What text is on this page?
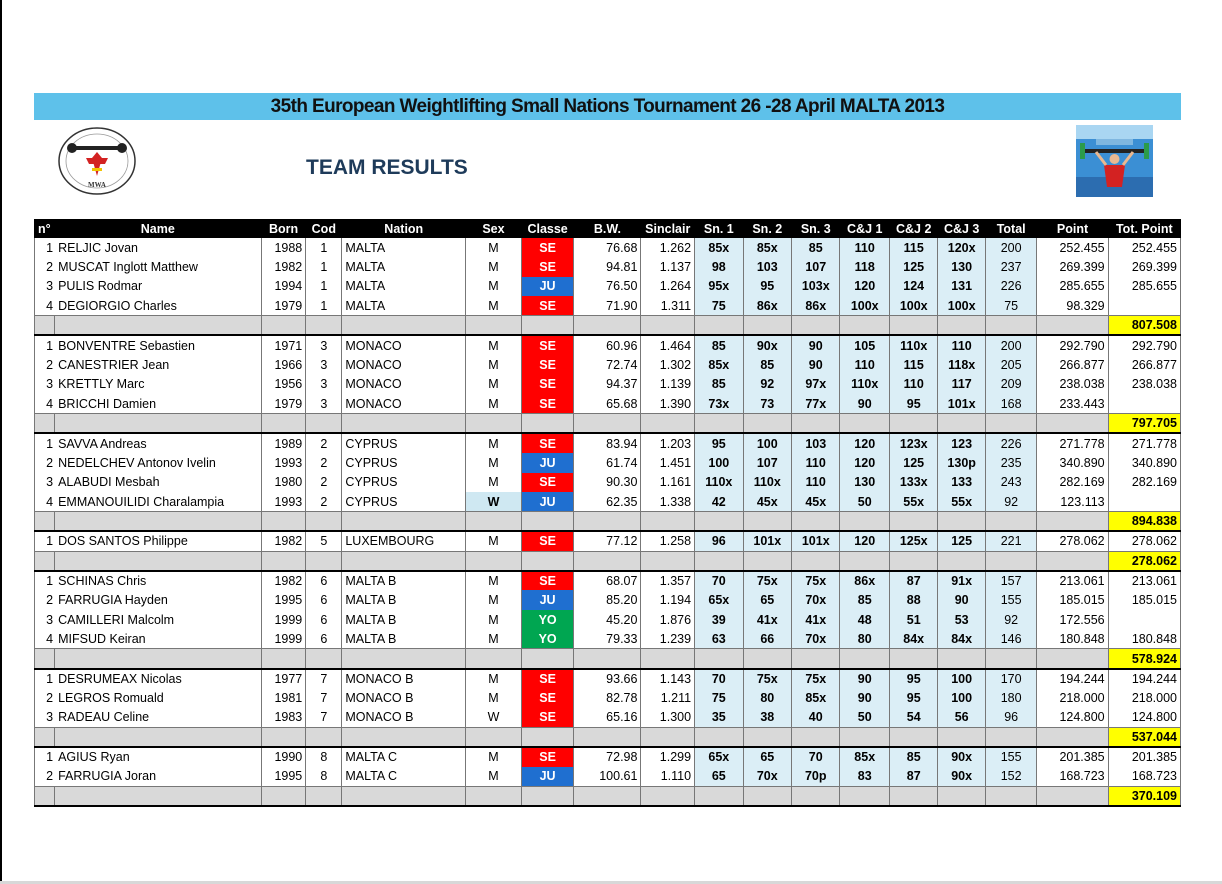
35th European Weightlifting Small Nations Tournament 26 -28 April MALTA 2013
MWA
TEAM RESULTS
n°	Name	Born	Cod	Nation	Sex	Classe	B.W.	Sinclair	Sn. 1	Sn. 2	Sn. 3	C&J 1	C&J 2	C&J 3	Total	Point	Tot. Point
1	RELJIC Jovan	1988	1	MALTA	M	SE	76.68	1.262	85x	85x	85	110	115	120x	200	252.455	252.455
2	MUSCAT Inglott Matthew	1982	1	MALTA	M	SE	94.81	1.137	98	103	107	118	125	130	237	269.399	269.399
3	PULIS Rodmar	1994	1	MALTA	M	JU	76.50	1.264	95x	95	103x	120	124	131	226	285.655	285.655
4	DEGIORGIO Charles	1979	1	MALTA	M	SE	71.90	1.311	75	86x	86x	100x	100x	100x	75	98.329	
																	807.508
1	BONVENTRE Sebastien	1971	3	MONACO	M	SE	60.96	1.464	85	90x	90	105	110x	110	200	292.790	292.790
2	CANESTRIER Jean	1966	3	MONACO	M	SE	72.74	1.302	85x	85	90	110	115	118x	205	266.877	266.877
3	KRETTLY Marc	1956	3	MONACO	M	SE	94.37	1.139	85	92	97x	110x	110	117	209	238.038	238.038
4	BRICCHI Damien	1979	3	MONACO	M	SE	65.68	1.390	73x	73	77x	90	95	101x	168	233.443	
																	797.705
1	SAVVA Andreas	1989	2	CYPRUS	M	SE	83.94	1.203	95	100	103	120	123x	123	226	271.778	271.778
2	NEDELCHEV Antonov Ivelin	1993	2	CYPRUS	M	JU	61.74	1.451	100	107	110	120	125	130p	235	340.890	340.890
3	ALABUDI Mesbah	1980	2	CYPRUS	M	SE	90.30	1.161	110x	110x	110	130	133x	133	243	282.169	282.169
4	EMMANOUILIDI Charalampia	1993	2	CYPRUS	W	JU	62.35	1.338	42	45x	45x	50	55x	55x	92	123.113	
																	894.838
1	DOS SANTOS Philippe	1982	5	LUXEMBOURG	M	SE	77.12	1.258	96	101x	101x	120	125x	125	221	278.062	278.062
																	278.062
1	SCHINAS Chris	1982	6	MALTA B	M	SE	68.07	1.357	70	75x	75x	86x	87	91x	157	213.061	213.061
2	FARRUGIA Hayden	1995	6	MALTA B	M	JU	85.20	1.194	65x	65	70x	85	88	90	155	185.015	185.015
3	CAMILLERI Malcolm	1999	6	MALTA B	M	YO	45.20	1.876	39	41x	41x	48	51	53	92	172.556	
4	MIFSUD Keiran	1999	6	MALTA B	M	YO	79.33	1.239	63	66	70x	80	84x	84x	146	180.848	180.848
																	578.924
1	DESRUMEAX Nicolas	1977	7	MONACO B	M	SE	93.66	1.143	70	75x	75x	90	95	100	170	194.244	194.244
2	LEGROS Romuald	1981	7	MONACO B	M	SE	82.78	1.211	75	80	85x	90	95	100	180	218.000	218.000
3	RADEAU Celine	1983	7	MONACO B	W	SE	65.16	1.300	35	38	40	50	54	56	96	124.800	124.800
																	537.044
1	AGIUS Ryan	1990	8	MALTA C	M	SE	72.98	1.299	65x	65	70	85x	85	90x	155	201.385	201.385
2	FARRUGIA Joran	1995	8	MALTA C	M	JU	100.61	1.110	65	70x	70p	83	87	90x	152	168.723	168.723
																	370.109
